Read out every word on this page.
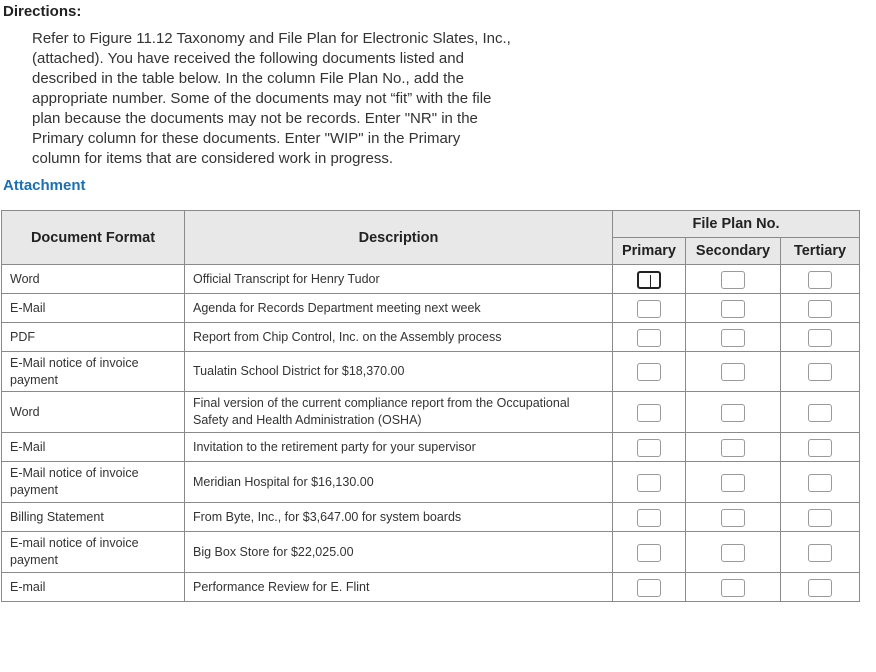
Directions:
Refer to Figure 11.12 Taxonomy and File Plan for Electronic Slates, Inc., (attached). You have received the following documents listed and described in the table below. In the column File Plan No., add the appropriate number. Some of the documents may not “fit” with the file plan because the documents may not be records. Enter "NR" in the Primary column for these documents. Enter "WIP" in the Primary column for items that are considered work in progress.
Attachment
Document Format	Description	File Plan No.		
		Primary	Secondary	Tertiary
Word	Official Transcript for Henry Tudor			
E-Mail	Agenda for Records Department meeting next week			
PDF	Report from Chip Control, Inc. on the Assembly process			
E-Mail notice of invoice payment	Tualatin School District for $18,370.00			
Word	Final version of the current compliance report from the Occupational Safety and Health Administration (OSHA)			
E-Mail	Invitation to the retirement party for your supervisor			
E-Mail notice of invoice payment	Meridian Hospital for $16,130.00			
Billing Statement	From Byte, Inc., for $3,647.00 for system boards			
E-mail notice of invoice payment	Big Box Store for $22,025.00			
E-mail	Performance Review for E. Flint			
